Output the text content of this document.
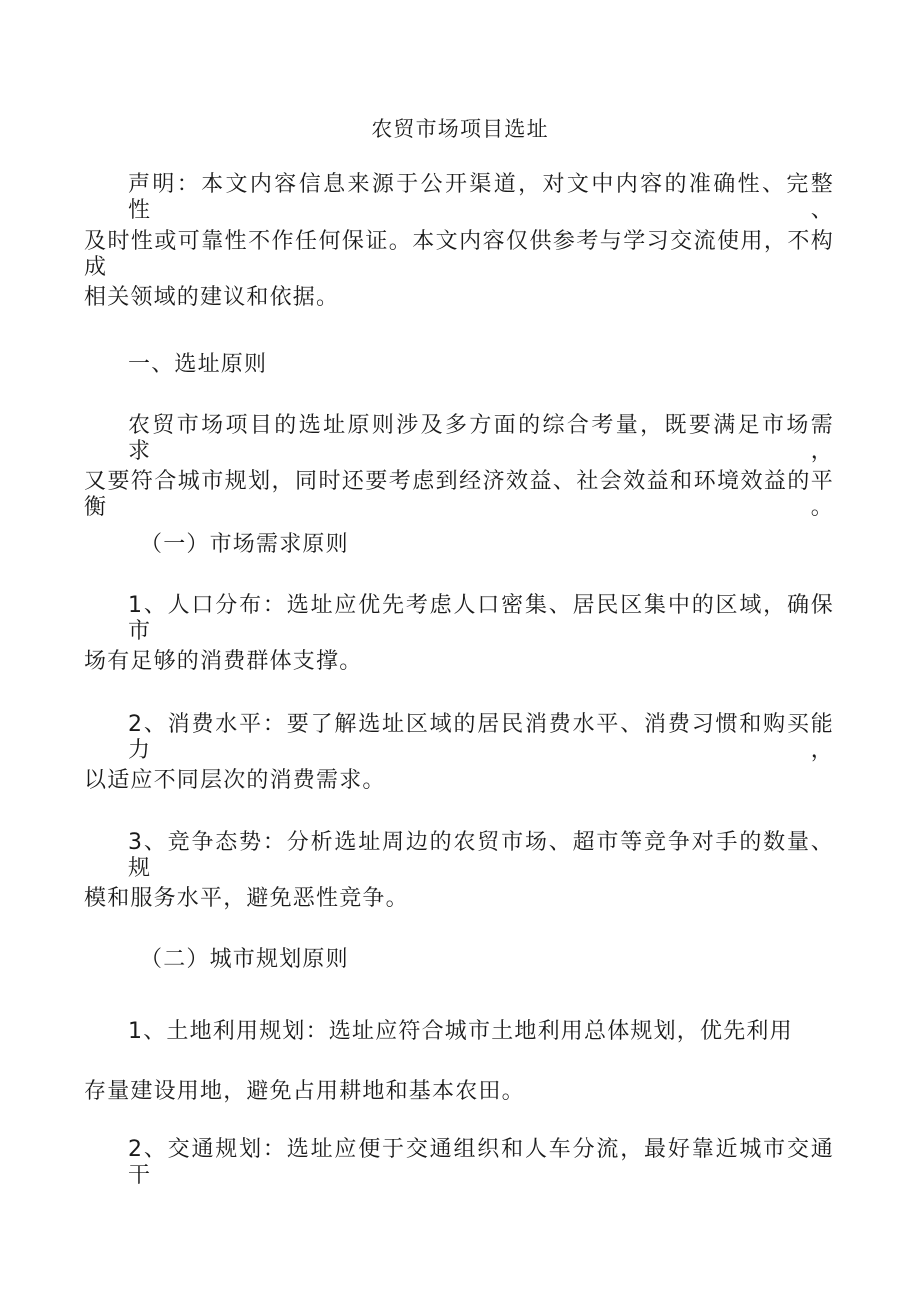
农贸市场项目选址
声明：本文内容信息来源于公开渠道，对文中内容的准确性、完整性、
及时性或可靠性不作任何保证。本文内容仅供参考与学习交流使用，不构成
相关领域的建议和依据。
一、选址原则
农贸市场项目的选址原则涉及多方面的综合考量，既要满足市场需求，
又要符合城市规划，同时还要考虑到经济效益、社会效益和环境效益的平衡。
（一）市场需求原则
1、人口分布：选址应优先考虑人口密集、居民区集中的区域，确保市
场有足够的消费群体支撑。
2、消费水平：要了解选址区域的居民消费水平、消费习惯和购买能力，
以适应不同层次的消费需求。
3、竞争态势：分析选址周边的农贸市场、超市等竞争对手的数量、规
模和服务水平，避免恶性竞争。
（二）城市规划原则
1、土地利用规划：选址应符合城市土地利用总体规划，优先利用
存量建设用地，避免占用耕地和基本农田。
2、交通规划：选址应便于交通组织和人车分流，最好靠近城市交通干
